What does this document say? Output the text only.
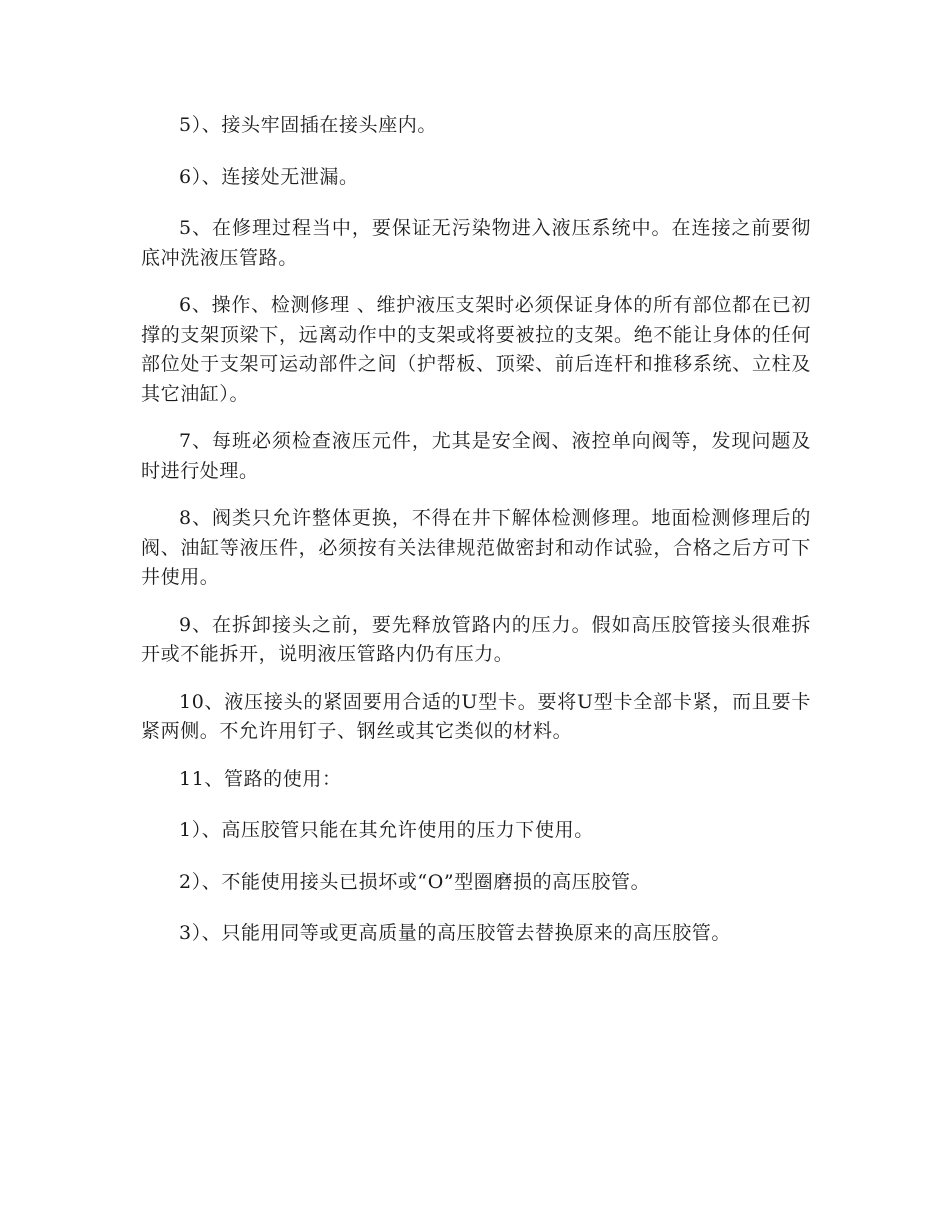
5）、接头牢固插在接头座内。

6）、连接处无泄漏。

5、在修理过程当中，要保证无污染物进入液压系统中。在连接之前要彻底冲洗液压管路。

6、操作、检测修理 、维护液压支架时必须保证身体的所有部位都在已初撑的支架顶梁下，远离动作中的支架或将要被拉的支架。绝不能让身体的任何部位处于支架可运动部件之间（护帮板、顶梁、前后连杆和推移系统、立柱及其它油缸）。

7、每班必须检查液压元件，尤其是安全阀、液控单向阀等，发现问题及时进行处理。

8、阀类只允许整体更换，不得在井下解体检测修理。地面检测修理后的阀、油缸等液压件，必须按有关法律规范做密封和动作试验，合格之后方可下井使用。

9、在拆卸接头之前，要先释放管路内的压力。假如高压胶管接头很难拆开或不能拆开，说明液压管路内仍有压力。

10、液压接头的紧固要用合适的U型卡。要将U型卡全部卡紧，而且要卡紧两侧。不允许用钉子、钢丝或其它类似的材料。

11、管路的使用：

1）、高压胶管只能在其允许使用的压力下使用。

2）、不能使用接头已损坏或“O”型圈磨损的高压胶管。

3）、只能用同等或更高质量的高压胶管去替换原来的高压胶管。
